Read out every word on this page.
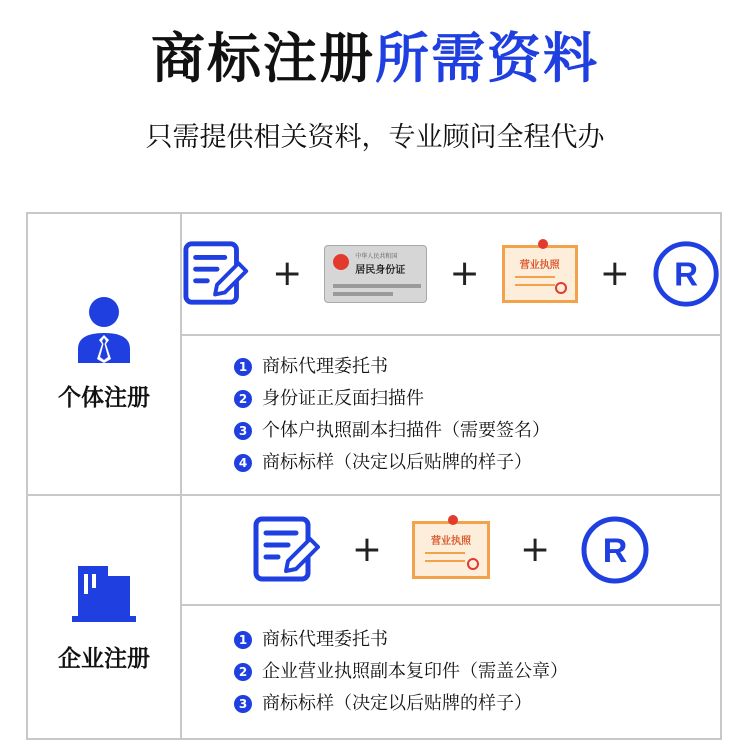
商标注册所需资料
只需提供相关资料，专业顾问全程代办
个体注册
+	中华人民共和国
居民身份证 +	营业执照	+ R
1 商标代理委托书
2 身份证正反面扫描件
3 个体户执照副本扫描件（需要签名）
4 商标标样（决定以后贴牌的样子）
企业注册
+	营业执照	+ R
1 商标代理委托书
2 企业营业执照副本复印件（需盖公章）
3 商标标样（决定以后贴牌的样子）
